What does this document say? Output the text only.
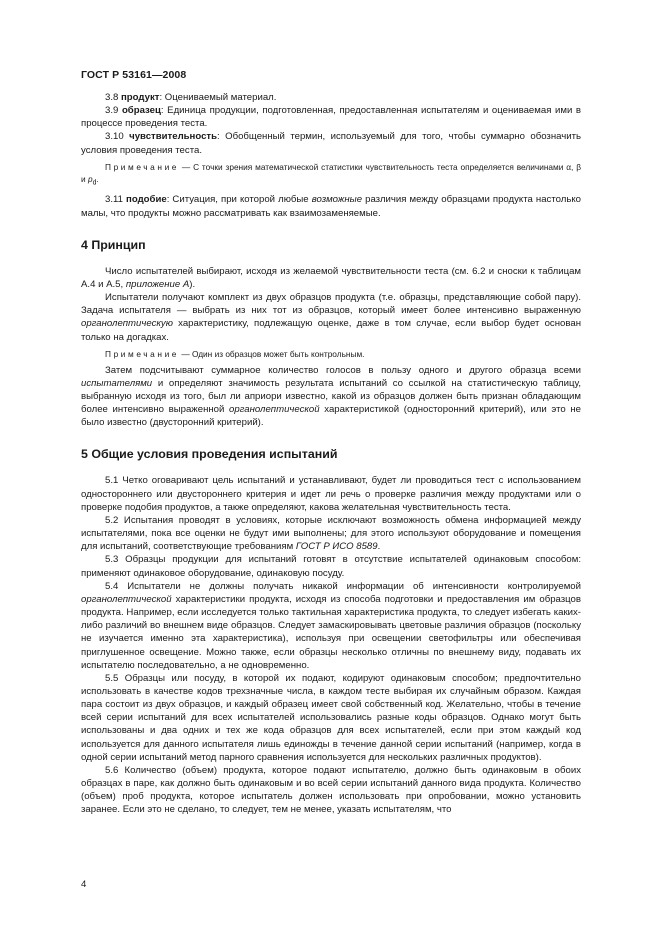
ГОСТ Р 53161—2008

3.8 продукт: Оцениваемый материал.

3.9 образец: Единица продукции, подготовленная, предоставленная испытателям и оцениваемая ими в процессе проведения теста.

3.10 чувствительность: Обобщенный термин, используемый для того, чтобы суммарно обозначить условия проведения теста.

Примечание — С точки зрения математической статистики чувствительность теста определяется величинами α, β и $p_d$.

3.11 подобие: Ситуация, при которой любые возможные различия между образцами продукта настолько малы, что продукты можно рассматривать как взаимозаменяемые.

4 Принцип

Число испытателей выбирают, исходя из желаемой чувствительности теста (см. 6.2 и сноски к таблицам А.4 и А.5, приложение А).

Испытатели получают комплект из двух образцов продукта (т.е. образцы, представляющие собой пару). Задача испытателя — выбрать из них тот из образцов, который имеет более интенсивно выраженную органолептическую характеристику, подлежащую оценке, даже в том случае, если выбор будет основан только на догадках.

Примечание — Один из образцов может быть контрольным.

Затем подсчитывают суммарное количество голосов в пользу одного и другого образца всеми испытателями и определяют значимость результата испытаний со ссылкой на статистическую таблицу, выбранную исходя из того, был ли априори известно, какой из образцов должен быть признан обладающим более интенсивно выраженной органолептической характеристикой (односторонний критерий), или это не было известно (двусторонний критерий).

5 Общие условия проведения испытаний

5.1 Четко оговаривают цель испытаний и устанавливают, будет ли проводиться тест с использованием одностороннего или двустороннего критерия и идет ли речь о проверке различия между продуктами или о проверке подобия продуктов, а также определяют, какова желательная чувствительность теста.

5.2 Испытания проводят в условиях, которые исключают возможность обмена информацией между испытателями, пока все оценки не будут ими выполнены; для этого используют оборудование и помещения для испытаний, соответствующие требованиям ГОСТ Р ИСО 8589.

5.3 Образцы продукции для испытаний готовят в отсутствие испытателей одинаковым способом: применяют одинаковое оборудование, одинаковую посуду.

5.4 Испытатели не должны получать никакой информации об интенсивности контролируемой органолептической характеристики продукта, исходя из способа подготовки и предоставления им образцов продукта. Например, если исследуется только тактильная характеристика продукта, то следует избегать каких-либо различий во внешнем виде образцов. Следует замаскировывать цветовые различия образцов (поскольку не изучается именно эта характеристика), используя при освещении светофильтры или обеспечивая приглушенное освещение. Можно также, если образцы несколько отличны по внешнему виду, подавать их испытателю последовательно, а не одновременно.

5.5 Образцы или посуду, в которой их подают, кодируют одинаковым способом; предпочтительно использовать в качестве кодов трехзначные числа, в каждом тесте выбирая их случайным образом. Каждая пара состоит из двух образцов, и каждый образец имеет свой собственный код. Желательно, чтобы в течение всей серии испытаний для всех испытателей использовались разные коды образцов. Однако могут быть использованы и два одних и тех же кода образцов для всех испытателей, если при этом каждый код используется для данного испытателя лишь единожды в течение данной серии испытаний (например, когда в одной серии испытаний метод парного сравнения используется для нескольких различных продуктов).

5.6 Количество (объем) продукта, которое подают испытателю, должно быть одинаковым в обоих образцах в паре, как должно быть одинаковым и во всей серии испытаний данного вида продукта. Количество (объем) проб продукта, которое испытатель должен использовать при опробовании, можно установить заранее. Если это не сделано, то следует, тем не менее, указать испытателям, что

4
